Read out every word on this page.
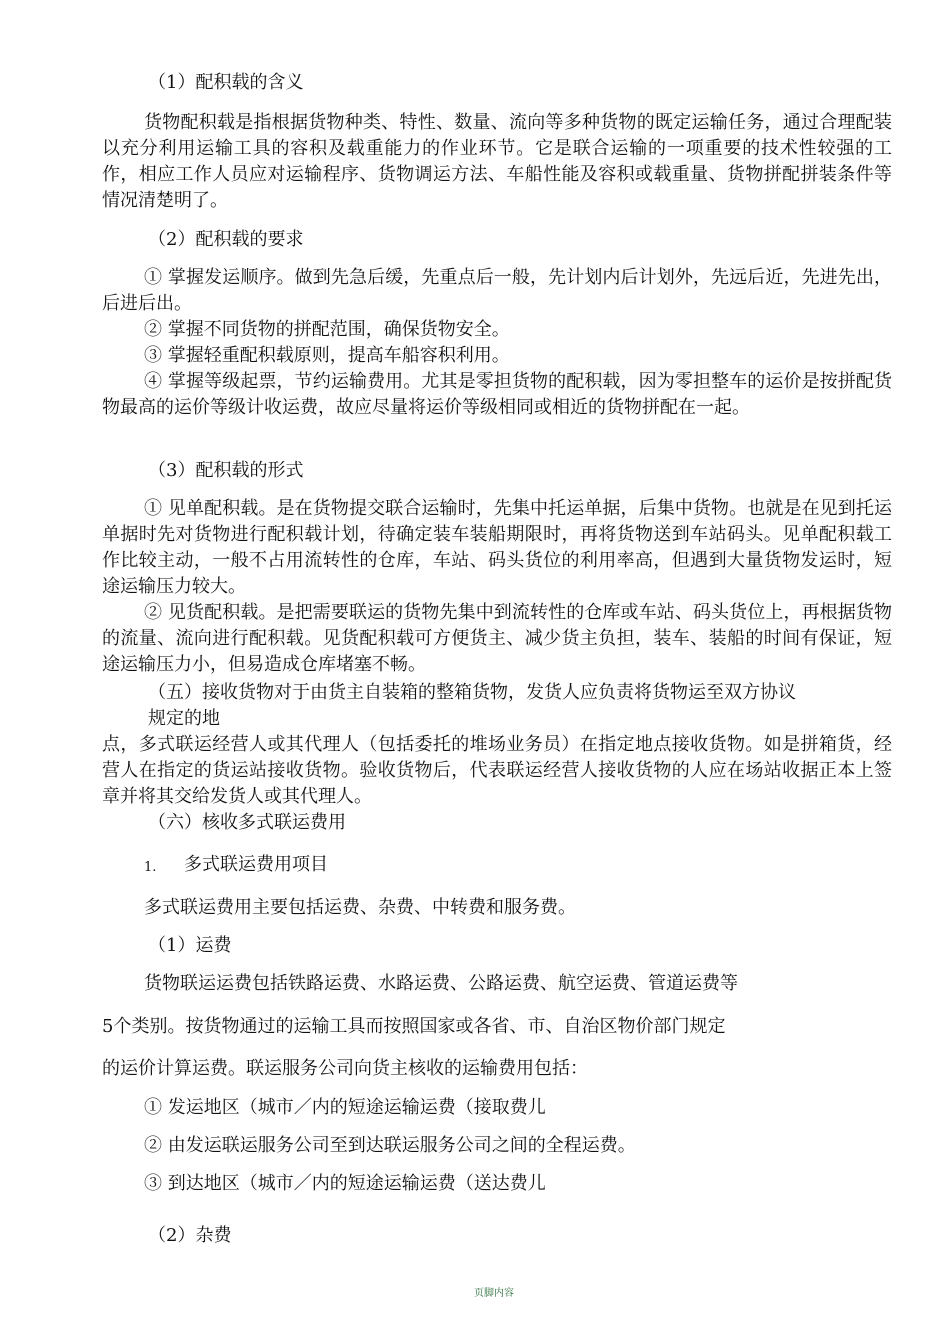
（1）配积载的含义

货物配积载是指根据货物种类、特性、数量、流向等多种货物的既定运输任务，通过合理配装以充分利用运输工具的容积及载重能力的作业环节。它是联合运输的一项重要的技术性较强的工作，相应工作人员应对运输程序、货物调运方法、车船性能及容积或载重量、货物拼配拼装条件等情况清楚明了。

（2）配积载的要求

① 掌握发运顺序。做到先急后缓，先重点后一般，先计划内后计划外，先远后近，先进先出，后进后出。

② 掌握不同货物的拼配范围，确保货物安全。

③ 掌握轻重配积载原则，提高车船容积利用。

④ 掌握等级起票，节约运输费用。尤其是零担货物的配积载，因为零担整车的运价是按拼配货物最高的运价等级计收运费，故应尽量将运价等级相同或相近的货物拼配在一起。

（3）配积载的形式

① 见单配积载。是在货物提交联合运输时，先集中托运单据，后集中货物。也就是在见到托运单据时先对货物进行配积载计划，待确定装车装船期限时，再将货物送到车站码头。见单配积载工作比较主动，一般不占用流转性的仓库，车站、码头货位的利用率高，但遇到大量货物发运时，短途运输压力较大。

② 见货配积载。是把需要联运的货物先集中到流转性的仓库或车站、码头货位上，再根据货物的流量、流向进行配积载。见货配积载可方便货主、减少货主负担，装车、装船的时间有保证，短途运输压力小，但易造成仓库堵塞不畅。

（五）接收货物对于由货主自装箱的整箱货物，发货人应负责将货物运至双方协议
规定的地

点，多式联运经营人或其代理人（包括委托的堆场业务员）在指定地点接收货物。如是拼箱货，经营人在指定的货运站接收货物。验收货物后，代表联运经营人接收货物的人应在场站收据正本上签章并将其交给发货人或其代理人。

（六）核收多式联运费用
1. 多式联运费用项目
多式联运费用主要包括运费、杂费、中转费和服务费。
（1）运费
货物联运运费包括铁路运费、水路运费、公路运费、航空运费、管道运费等
5个类别。按货物通过的运输工具而按照国家或各省、市、自治区物价部门规定
的运价计算运费。联运服务公司向货主核收的运输费用包括：
① 发运地区（城市／内的短途运输运费（接取费儿
② 由发运联运服务公司至到达联运服务公司之间的全程运费。
③ 到达地区（城市／内的短途运输运费（送达费儿
（2）杂费
页脚内容
